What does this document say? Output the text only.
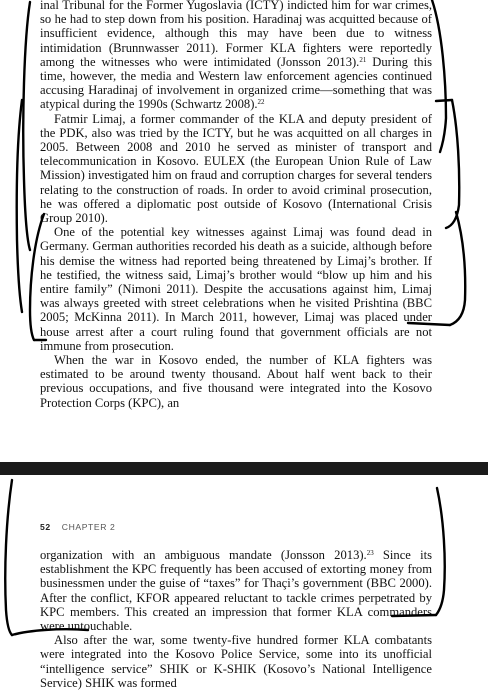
inal Tribunal for the Former Yugoslavia (ICTY) indicted him for war crimes, so he had to step down from his position. Haradinaj was acquitted because of insufficient evidence, although this may have been due to witness intimidation (Brunnwasser 2011). Former KLA fighters were reportedly among the witnesses who were intimidated (Jonsson 2013).$^{21}$ During this time, however, the media and Western law enforcement agencies continued accusing Haradinaj of involvement in organized crime—something that was atypical during the 1990s (Schwartz 2008).$^{22}$

Fatmir Limaj, a former commander of the KLA and deputy president of the PDK, also was tried by the ICTY, but he was acquitted on all charges in 2005. Between 2008 and 2010 he served as minister of transport and telecommunication in Kosovo. EULEX (the European Union Rule of Law Mission) investigated him on fraud and corruption charges for several tenders relating to the construction of roads. In order to avoid criminal prosecution, he was offered a diplomatic post outside of Kosovo (International Crisis Group 2010).

One of the potential key witnesses against Limaj was found dead in Germany. German authorities recorded his death as a suicide, although before his demise the witness had reported being threatened by Limaj’s brother. If he testified, the witness said, Limaj’s brother would “blow up him and his entire family” (Nimoni 2011). Despite the accusations against him, Limaj was always greeted with street celebrations when he visited Prishtina (BBC 2005; McKinna 2011). In March 2011, however, Limaj was placed under house arrest after a court ruling found that government officials are not immune from prosecution.

When the war in Kosovo ended, the number of KLA fighters was estimated to be around twenty thousand. About half went back to their previous occupations, and five thousand were integrated into the Kosovo Protection Corps (KPC), an

52 CHAPTER 2

organization with an ambiguous mandate (Jonsson 2013).$^{23}$ Since its establishment the KPC frequently has been accused of extorting money from businessmen under the guise of “taxes” for Thaçi’s government (BBC 2000). After the conflict, KFOR appeared reluctant to tackle crimes perpetrated by KPC members. This created an impression that former KLA commanders were untouchable.

Also after the war, some twenty-five hundred former KLA combatants were integrated into the Kosovo Police Service, some into its unofficial “intelligence service” SHIK or K-SHIK (Kosovo’s National Intelligence Service) SHIK was formed
